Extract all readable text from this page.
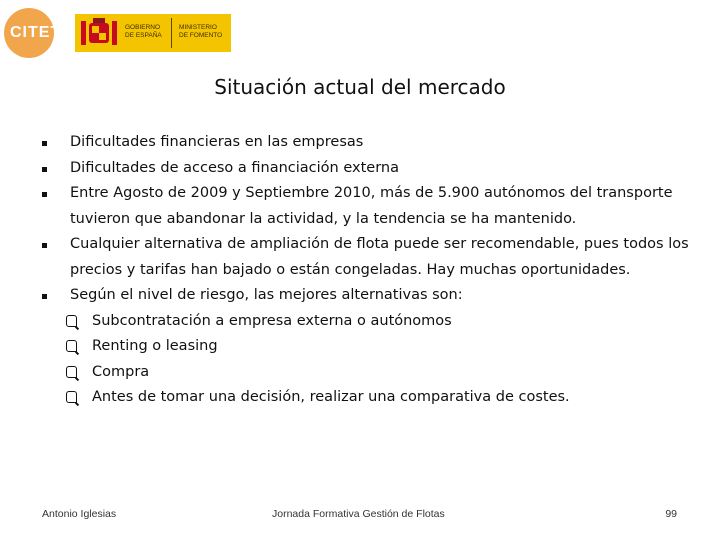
CITET	GOBIERNO
DE ESPAÑA
MINISTERIO
DE FOMENTO
Situación actual del mercado
Dificultades financieras en las empresas
Dificultades de acceso a financiación externa
Entre Agosto de 2009 y Septiembre 2010, más de 5.900 autónomos del transporte tuvieron que abandonar la actividad, y la tendencia se ha mantenido.
Cualquier alternativa de ampliación de flota puede ser recomendable, pues todos los precios y tarifas han bajado o están congeladas. Hay muchas oportunidades.
Según el nivel de riesgo, las mejores alternativas son:
Subcontratación a empresa externa o autónomos
Renting o leasing
Compra
Antes de tomar una decisión, realizar una comparativa de costes.
Antonio Iglesias	Jornada Formativa Gestión de Flotas	99
